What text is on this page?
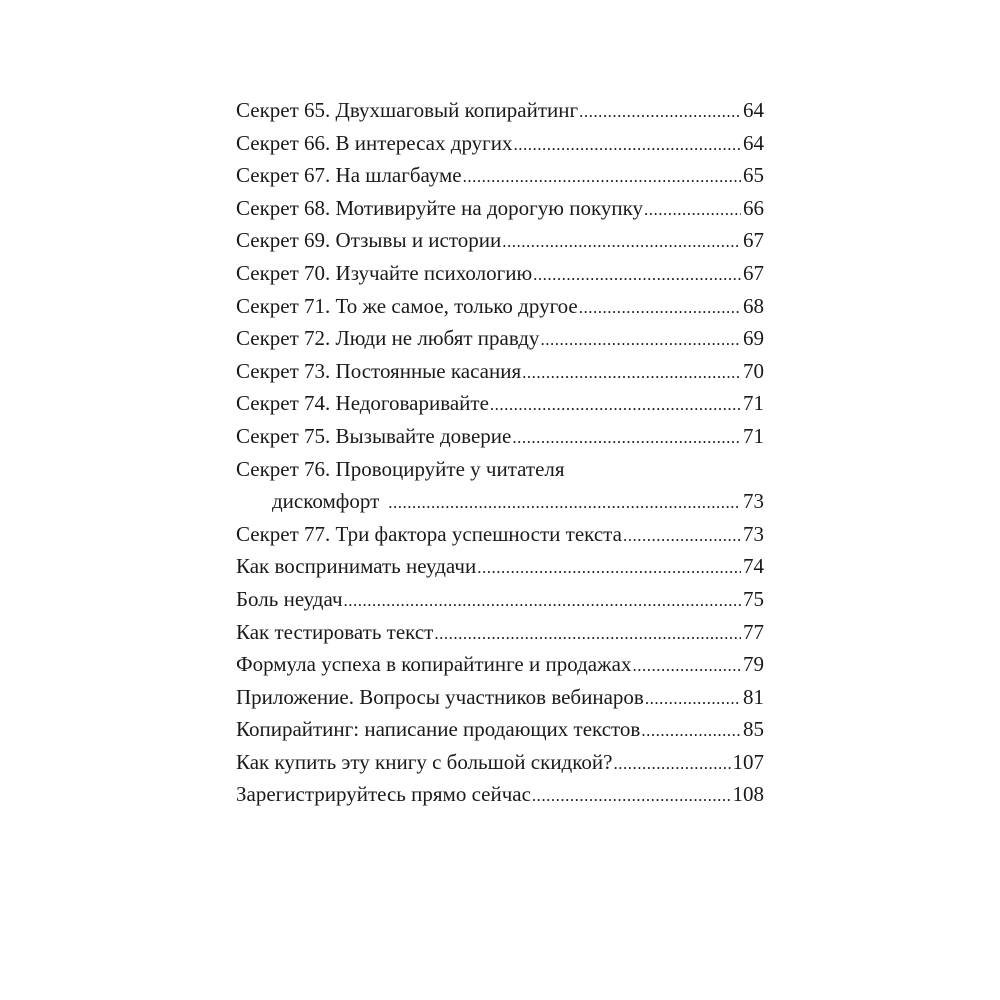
Секрет 65. Двухшаговый копирайтинг .....	64
Секрет 66. В интересах других .....	64
Секрет 67. На шлагбауме .....	65
Секрет 68. Мотивируйте на дорогую покупку .....	66
Секрет 69. Отзывы и истории .....	67
Секрет 70. Изучайте психологию .....	67
Секрет 71. То же самое, только другое .....	68
Секрет 72. Люди не любят правду .....	69
Секрет 73. Постоянные касания .....	70
Секрет 74. Недоговаривайте .....	71
Секрет 75. Вызывайте доверие .....	71
Секрет 76. Провоцируйте у читателя
дискомфорт .....	73
Секрет 77. Три фактора успешности текста .....	73
Как воспринимать неудачи .....	74
Боль неудач .....	75
Как тестировать текст .....	77
Формула успеха в копирайтинге и продажах .....	79
Приложение. Вопросы участников вебинаров .....	81
Копирайтинг: написание продающих текстов .....	85
Как купить эту книгу с большой скидкой? .....	107
Зарегистрируйтесь прямо сейчас .....	108
